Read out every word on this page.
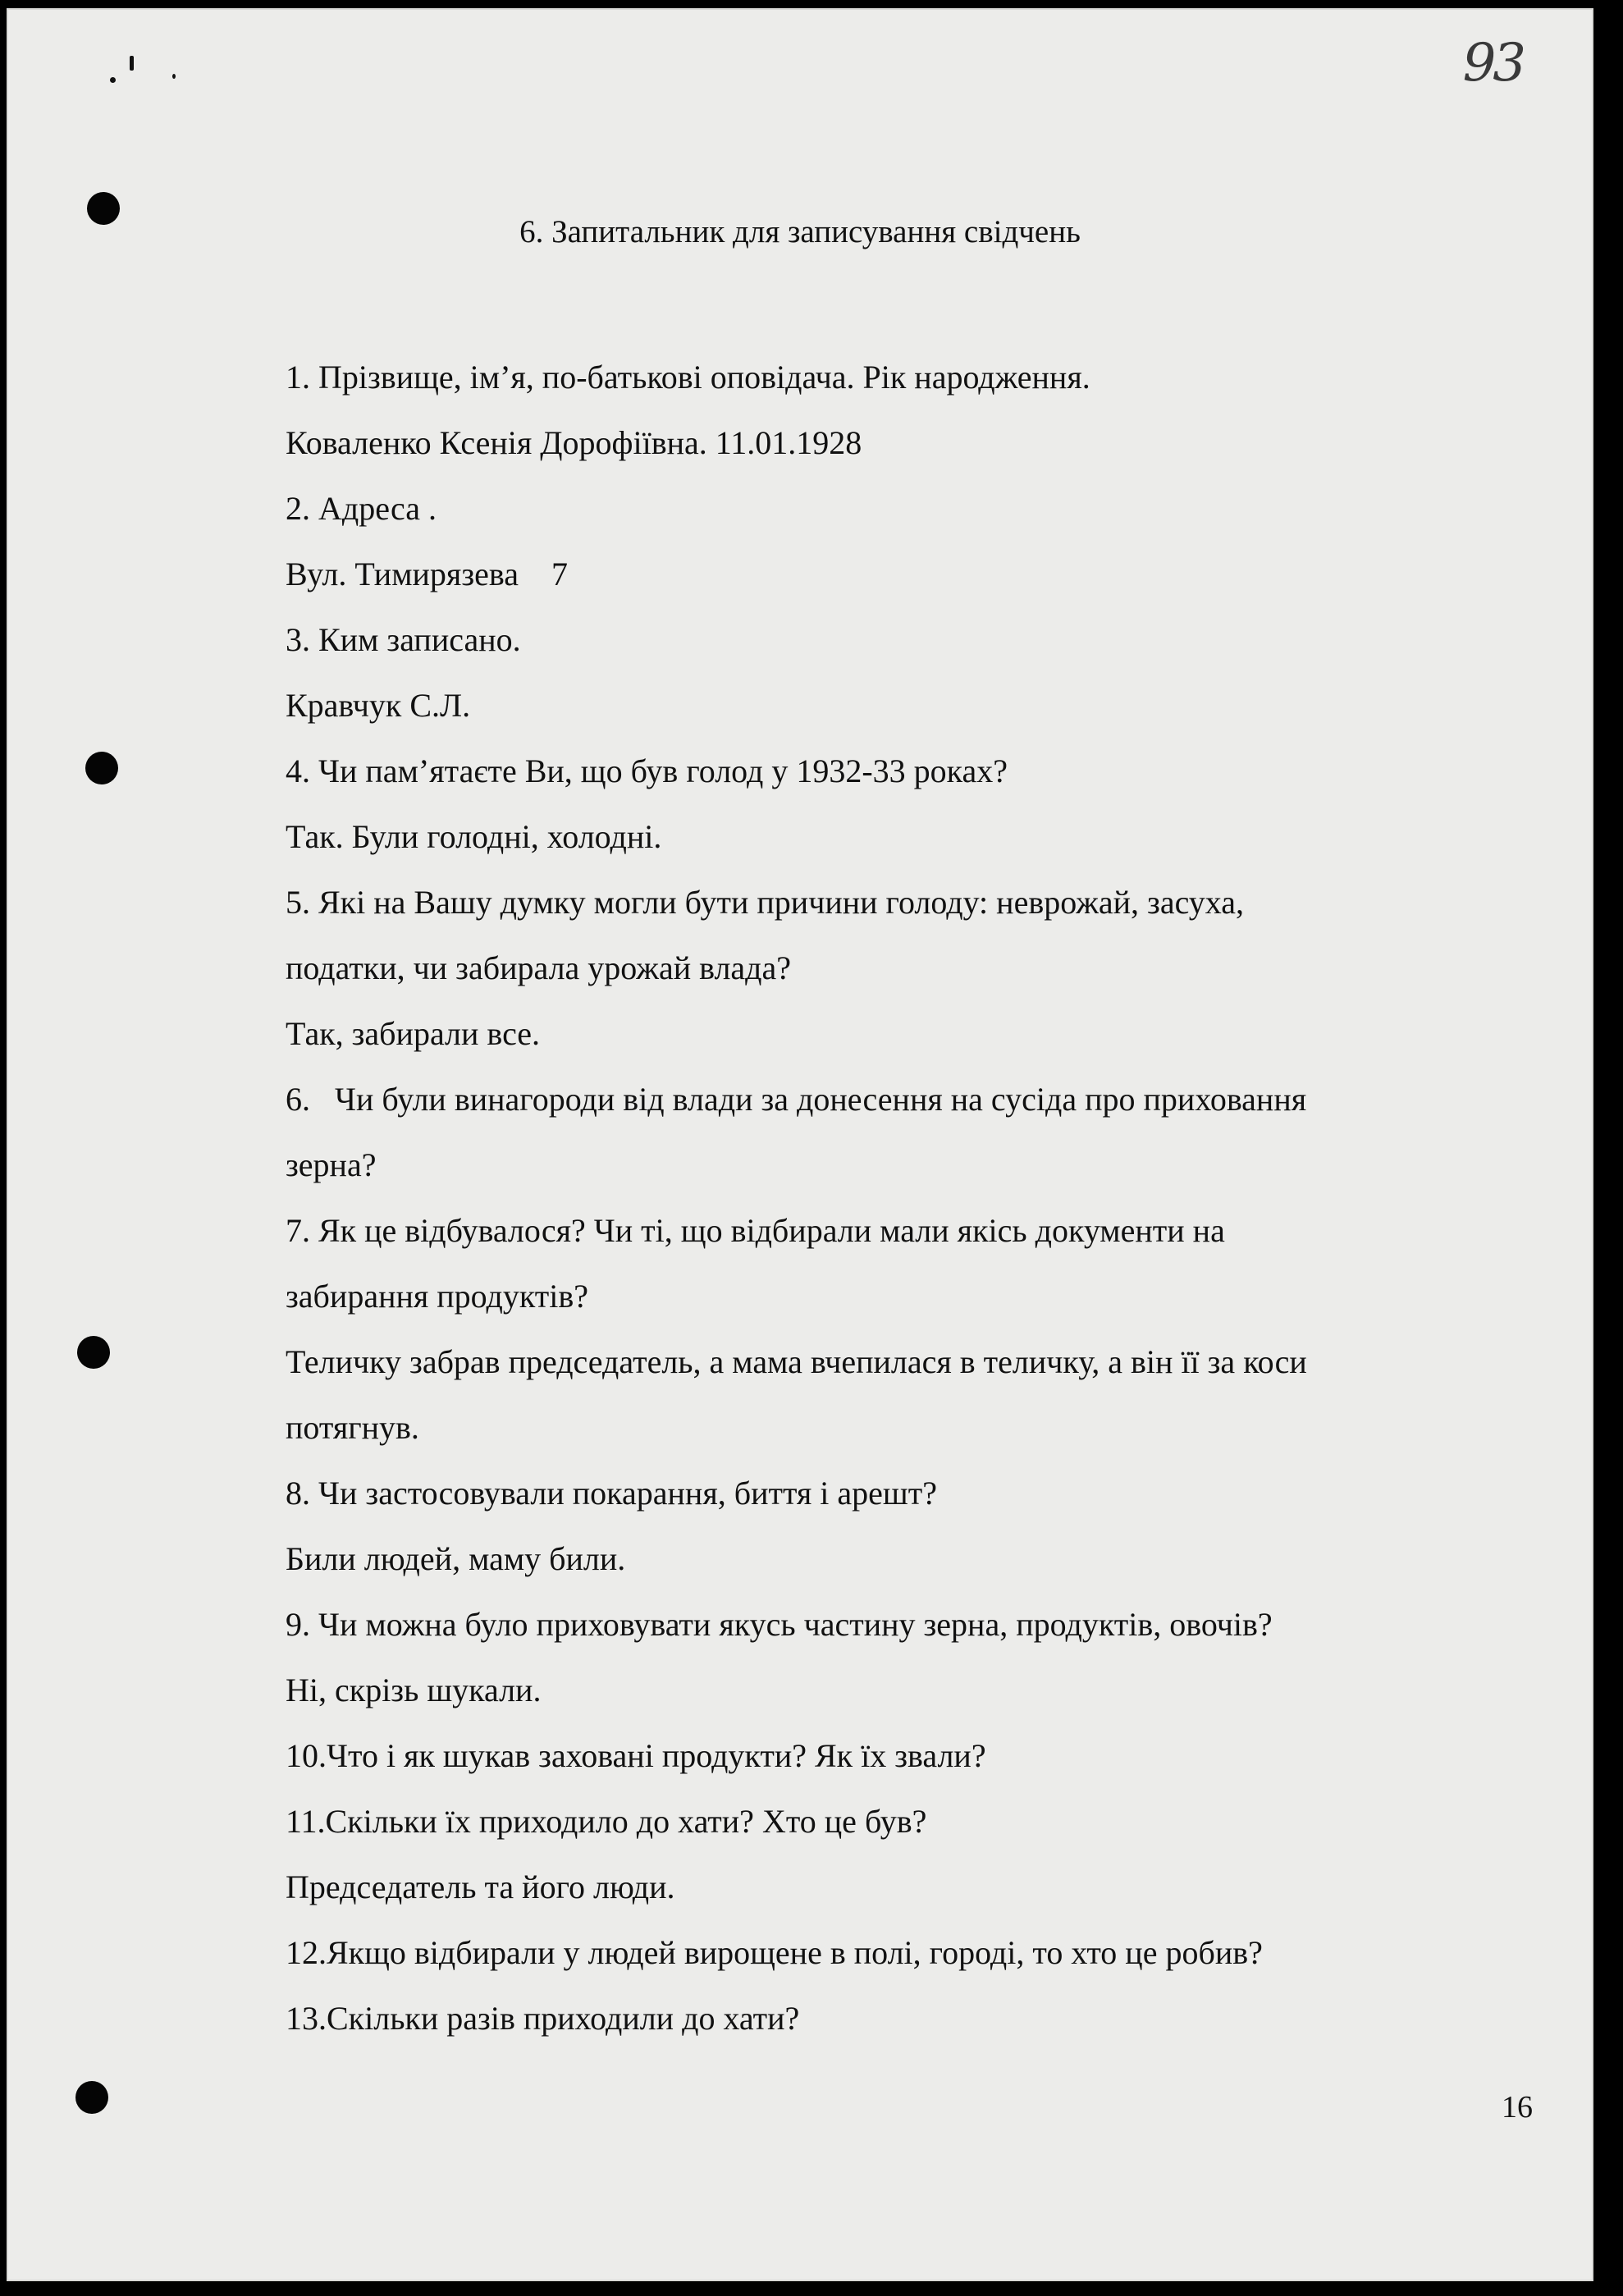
93
6. Запитальник для записування свідчень
1. Прізвище, ім’я, по-батькові оповідача. Рік народження.
Коваленко Ксенія Дорофіївна. 11.01.1928
2. Адреса .
Вул. Тимирязева    7
3. Ким записано.
Кравчук С.Л.
4. Чи пам’ятаєте Ви, що був голод у 1932-33 роках?
Так. Були голодні, холодні.
5. Які на Вашу думку могли бути причини голоду: неврожай, засуха,
податки, чи забирала урожай влада?
Так, забирали все.
6.   Чи були винагороди від влади за донесення на сусіда про приховання
зерна?
7. Як це відбувалося? Чи ті, що відбирали мали якісь документи на
забирання продуктів?
Теличку забрав председатель, а мама вчепилася в теличку, а він її за коси
потягнув.
8. Чи застосовували покарання, биття і арешт?
Били людей, маму били.
9. Чи можна було приховувати якусь частину зерна, продуктів, овочів?
Ні, скрізь шукали.
10.Что і як шукав заховані продукти? Як їх звали?
11.Скільки їх приходило до хати? Хто це був?
Председатель та його люди.
12.Якщо відбирали у людей вирощене в полі, городі, то хто це робив?
13.Скільки разів приходили до хати?
16
